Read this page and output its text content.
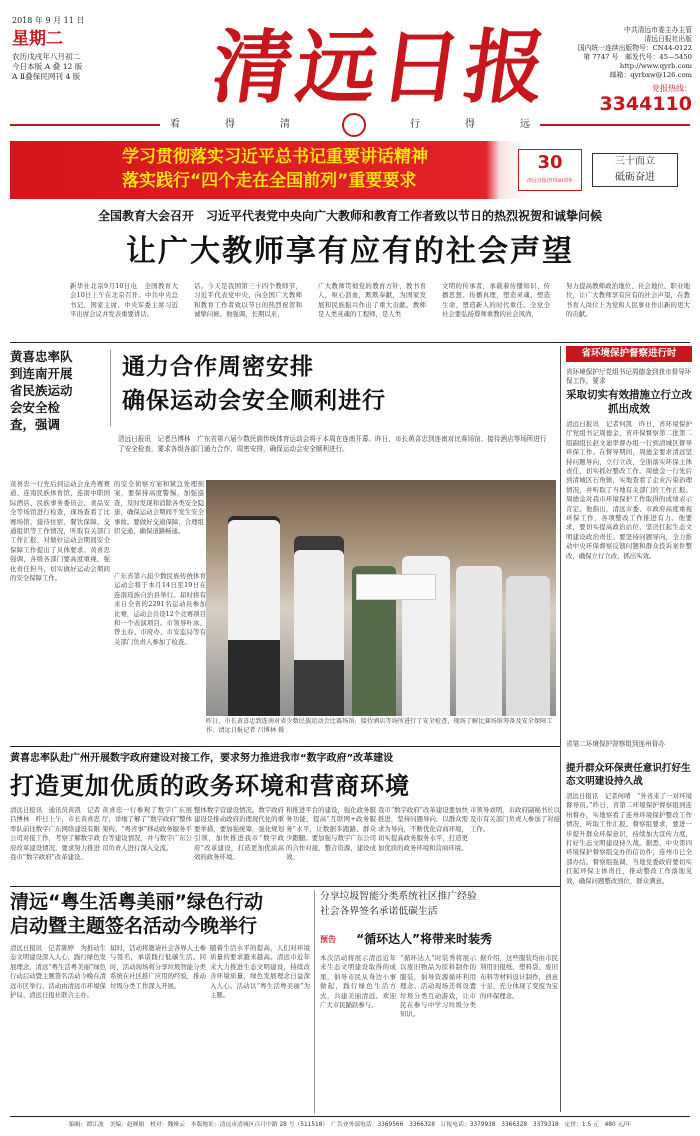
2018 年 9 月 11 日
星期二
农历戊戌年八月初二
今日本版 A 叠 12 版
A Ⅱ叠保民网刊 4 版	清远日报	中共清远市委主办主管
清远日报社出版
国内统一连续出版物号：CN44-0122
第 7747 号　邮发代号：45—5450
http://www.qyrb.com
邮箱：qyrbxw@126.com
党报热线：
3344110
看	得	清	行	得	远
学习贯彻落实习近平总书记重要讲话精神
落实践行“四个走在全国前列”重要要求
30
清远日报创刊30周年
三十而立
砥砺奋进
全国教育大会召开　习近平代表党中央向广大教师和教育工作者致以节日的热烈祝贺和诚挚问候
让广大教师享有应有的社会声望
新华社北京9月10日电　全国教育大会10日上午在北京召开。中共中央总书记、国家主席、中央军委主席习近平出席会议并发表重要讲话。
话。今天是我国第三十四个教师节，习近平代表党中央，向全国广大教师和教育工作者致以节日的热烈祝贺和诚挚问候。他强调，长期以来，
广大教师贯彻党的教育方针，教书育人，呕心沥血，默默奉献，为国家发展和民族振兴作出了重大贡献。教师是人类灵魂的工程师，是人类
文明的传承者，承载着传播知识、传播思想、传播真理，塑造灵魂、塑造生命、塑造新人的时代重任。全党全社会要弘扬尊师重教的社会风尚，
努力提高教师政治地位、社会地位、职业地位，让广大教师享有应有的社会声望，在教书育人岗位上为党和人民事业作出新的更大的贡献。
黄喜忠率队到连南开展省民族运动会安全检查，强调
通力合作周密安排
确保运动会安全顺利进行
清远日报讯　记者吕博林　广东省第六届少数民族传统体育运动会将于本周在连南开幕。昨日，市长黄喜忠到连南对比赛场馆、接待酒店等场所进行了安全检查，要求各级各部门通力合作、周密安排，确保运动会安全顺利进行。
黄喜忠一行先后到运动会龙舟赛赛道、连南民族体育馆、连南中职国际酒店、民族事务委员会、食品安全等场馆进行检查，现场查看了比赛场馆、接待住宿、餐饮保障、交通组织等工作情况，听取有关部门工作汇报，对做好运动会期间安全保障工作提出了具体要求。黄喜忠强调，各级各部门要高度重视，强化责任担当，切实做好运动会期间的安全保障工作。
的安全侦察方案和紧急处理预案，要保持高度警惕，加强巡查，及时发现和消除各类安全隐患，确保运动会期间不发生安全事故。要做好交通保障，合理组织交通，确保道路畅通。
广东省第六届少数民族传统体育运动会将于本月14日至19日在连南瑶族自治县举行。届时将有来自全省的2291名运动员参加比赛，运动会共设12个竞赛项目和一个表演项目。市领导叶冰、曾玉春、市府办、市安监局等有关部门负责人参加了检查。
昨日，市长黄喜忠到连南对省少数民族运动会比赛场馆、接待酒店等场所进行了安全检查，现场了解比赛场馆筹备及安全保障工作。清远日报记者 吕博林 摄
省环境保护督察进行时
省环境保护厅党组书记周德金到我市督导环保工作，要求
采取切实有效措施立行立改抓出成效
清远日报讯　记者何凯　昨日，省环境保护厅党组书记周德金，省环保督察第二批第二组副组长赵文迪率督办组一行到清城区督导环保工作。在督导期间，周德金要求清远坚持问题导向，立行立改，全面落实环保主体责任，切实抓好整改工作。周德金一行先后到清城区石角镇，实地查看了企业污染治理情况，并听取了当地有关部门的工作汇报。周德金对我市环境保护工作取得的成绩表示肯定。他指出，清远市委、市政府高度重视环保工作，各项整改工作推进有力。他要求，要切实提高政治站位，坚决扛起生态文明建设政治责任。要坚持问题导向，全力推动中央环保督察反馈问题和群众投诉案件整改，确保立行立改，抓出实效。
省第二环境保护督察组到连州督办
提升群众环保责任意识打好生态文明建设持久战
清远日报讯　记者何晴　“外省来了一对环境督导员。”昨日，省第二环境保护督察组到连州督办，实地察看了连州环境保护整改工作情况，听取工作汇报。督察组要求，要进一步提升群众环保意识，持续加大宣传力度，打好生态文明建设持久战。据悉，中央第四环境保护督察组交办的信访件，连州市已全部办结。督察组强调，当地党委政府要切实扛起环保主体责任，推动整改工作落地见效，确保问题整改到位，群众满意。
黄喜忠率队赴广州开展数字政府建设对接工作，要求努力推进我市“数字政府”改革建设
打造更加优质的政务环境和营商环境
清远日报讯　通讯员黄凯　记者吕博林　昨日上午，市长黄喜忠率队前往数字广东网络建设有限公司对接工作，考察了解数字政府改革建设情况，要求努力推进我市“数字政府”改革建设。
黄喜忠一行参观了数字广东展厅，详细了解了“数字政府”整体架构、“粤省事”移动政务服务平台等建设情况，并与数字广东公司负责人进行深入交流。
整体数字营建设情况。数字政府建设是推动政府治理现代化的重要举措，要加强统筹，强化规划引领，加快推进我市“数字政府”改革建设，打造更加优质高效的政务环境。
和推进平台的建设，强化政务服务功能，提高“互联网+政务服务”水平，让数据多跑路、群众少跑腿。要加强与数字广东公司的合作对接，整合资源，建设成效。
我市“数字政府”改革建设要加快推进，坚持问题导向，以群众需求为导向，不断优化营商环境，切实提高政务服务水平，打造更加优质的政务环境和营商环境。
市领导刘明，市政府副秘书长以及市有关部门负责人参加了对接工作。
清远“粤生活粤美丽”绿色行动
启动暨主题签名活动今晚举行
分享垃圾智能分类系统社区推广经验
社会各界签名承诺低碳生活
预告 “循环达人”将带来时装秀
清远日报讯　记者陈婷　为推动生态文明建设深入人心，践行绿色发展理念，清远“粤生活粤美丽”绿色行动启动暨主题签名活动今晚在清远市区举行。活动由清远市环境保护局、清远日报社联合主办。
届时，活动将邀请社会各界人士参与签名，承诺践行低碳生活。同时，活动现场将分享垃圾智能分类系统在社区推广应用的经验，推动垃圾分类工作深入开展。
随着生活水平的提高，人们对环境质量的要求越来越高。清远市近年来大力推进生态文明建设，持续改善环境质量，绿色发展理念日益深入人心。活动以“粤生活粤美丽”为主题。
本次活动将展示清远近年来生态文明建设取得的成果，倡导市民从身边小事做起，践行绿色生活方式，共建美丽清远。欢迎广大市民踊跃参与。
“循环达人”时装秀将展示以废旧物品为原料制作的服装，倡导资源循环利用理念。活动现场还将设置垃圾分类互动游戏，让市民在参与中学习垃圾分类知识。
据介绍，这些服装均由市民利用旧报纸、塑料袋、废旧布料等材料设计制作，创意十足，充分体现了变废为宝的环保理念。
编辑：谭江波　美编：赵婵娟　校对：魏娅云　本版地址：清远市清城区百月中路 28 号（511518）　广告业务部电话：3369566　3366328　订报电话：3379938　3366328　3379318　定价：1.5 元　480 元/年
